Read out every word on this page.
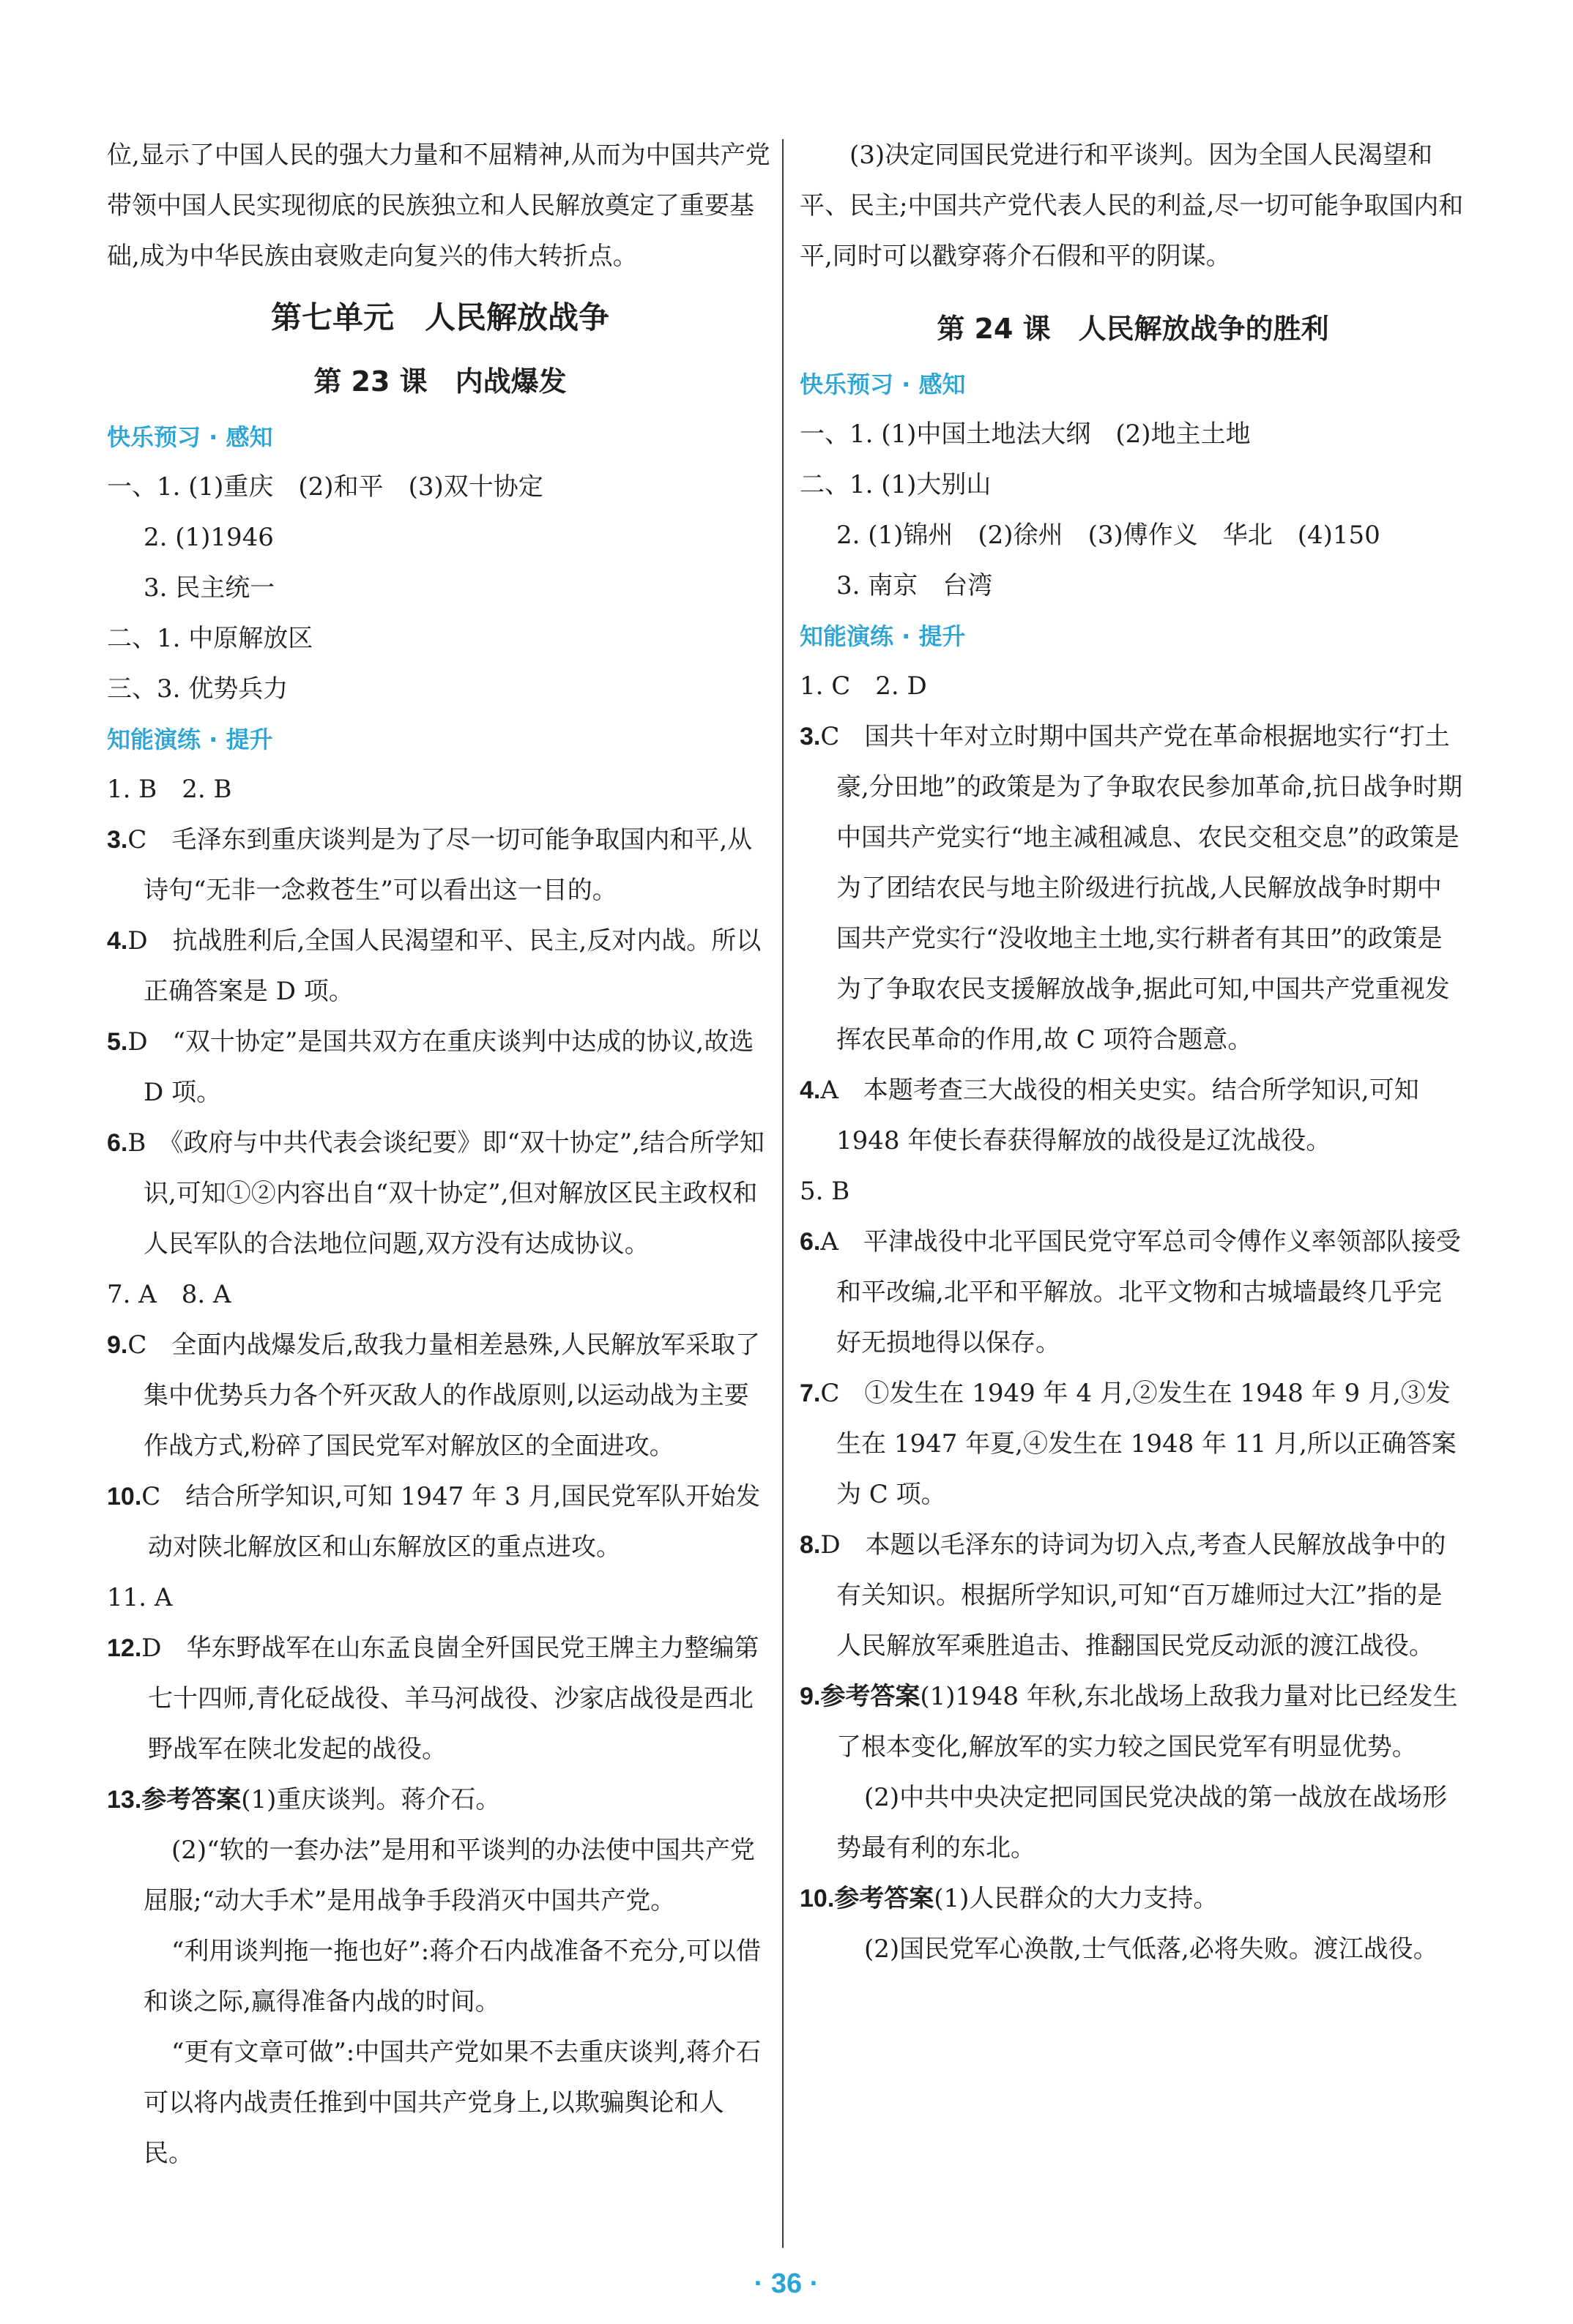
位,显示了中国人民的强大力量和不屈精神,从而为中国共产党带领中国人民实现彻底的民族独立和人民解放奠定了重要基础,成为中华民族由衰败走向复兴的伟大转折点。

第七单元　人民解放战争
第 23 课　内战爆发

快乐预习 · 感知

一、1. (1)重庆　(2)和平　(3)双十协定

2. (1)1946

3. 民主统一

二、1. 中原解放区

三、3. 优势兵力

知能演练 · 提升

1. B　2. B

3.C　毛泽东到重庆谈判是为了尽一切可能争取国内和平,从诗句“无非一念救苍生”可以看出这一目的。

4.D　抗战胜利后,全国人民渴望和平、民主,反对内战。所以正确答案是 D 项。

5.D　“双十协定”是国共双方在重庆谈判中达成的协议,故选 D 项。

6.B　《政府与中共代表会谈纪要》即“双十协定”,结合所学知识,可知①②内容出自“双十协定”,但对解放区民主政权和人民军队的合法地位问题,双方没有达成协议。

7. A　8. A

9.C　全面内战爆发后,敌我力量相差悬殊,人民解放军采取了集中优势兵力各个歼灭敌人的作战原则,以运动战为主要作战方式,粉碎了国民党军对解放区的全面进攻。

10.C　结合所学知识,可知 1947 年 3 月,国民党军队开始发动对陕北解放区和山东解放区的重点进攻。

11. A

12.D　华东野战军在山东孟良崮全歼国民党王牌主力整编第七十四师,青化砭战役、羊马河战役、沙家店战役是西北野战军在陕北发起的战役。

13.参考答案(1)重庆谈判。蒋介石。

(2)“软的一套办法”是用和平谈判的办法使中国共产党屈服;“动大手术”是用战争手段消灭中国共产党。

“利用谈判拖一拖也好”:蒋介石内战准备不充分,可以借和谈之际,赢得准备内战的时间。

“更有文章可做”:中国共产党如果不去重庆谈判,蒋介石可以将内战责任推到中国共产党身上,以欺骗舆论和人民。

(3)决定同国民党进行和平谈判。因为全国人民渴望和平、民主;中国共产党代表人民的利益,尽一切可能争取国内和平,同时可以戳穿蒋介石假和平的阴谋。

第 24 课　人民解放战争的胜利

快乐预习 · 感知

一、1. (1)中国土地法大纲　(2)地主土地

二、1. (1)大别山

2. (1)锦州　(2)徐州　(3)傅作义　华北　(4)150

3. 南京　台湾

知能演练 · 提升

1. C　2. D

3.C　国共十年对立时期中国共产党在革命根据地实行“打土豪,分田地”的政策是为了争取农民参加革命,抗日战争时期中国共产党实行“地主减租减息、农民交租交息”的政策是为了团结农民与地主阶级进行抗战,人民解放战争时期中国共产党实行“没收地主土地,实行耕者有其田”的政策是为了争取农民支援解放战争,据此可知,中国共产党重视发挥农民革命的作用,故 C 项符合题意。

4.A　本题考查三大战役的相关史实。结合所学知识,可知 1948 年使长春获得解放的战役是辽沈战役。

5. B

6.A　平津战役中北平国民党守军总司令傅作义率领部队接受和平改编,北平和平解放。北平文物和古城墙最终几乎完好无损地得以保存。

7.C　①发生在 1949 年 4 月,②发生在 1948 年 9 月,③发生在 1947 年夏,④发生在 1948 年 11 月,所以正确答案为 C 项。

8.D　本题以毛泽东的诗词为切入点,考查人民解放战争中的有关知识。根据所学知识,可知“百万雄师过大江”指的是人民解放军乘胜追击、推翻国民党反动派的渡江战役。

9.参考答案(1)1948 年秋,东北战场上敌我力量对比已经发生了根本变化,解放军的实力较之国民党军有明显优势。

(2)中共中央决定把同国民党决战的第一战放在战场形势最有利的东北。

10.参考答案(1)人民群众的大力支持。

(2)国民党军心涣散,士气低落,必将失败。渡江战役。

· 36 ·
